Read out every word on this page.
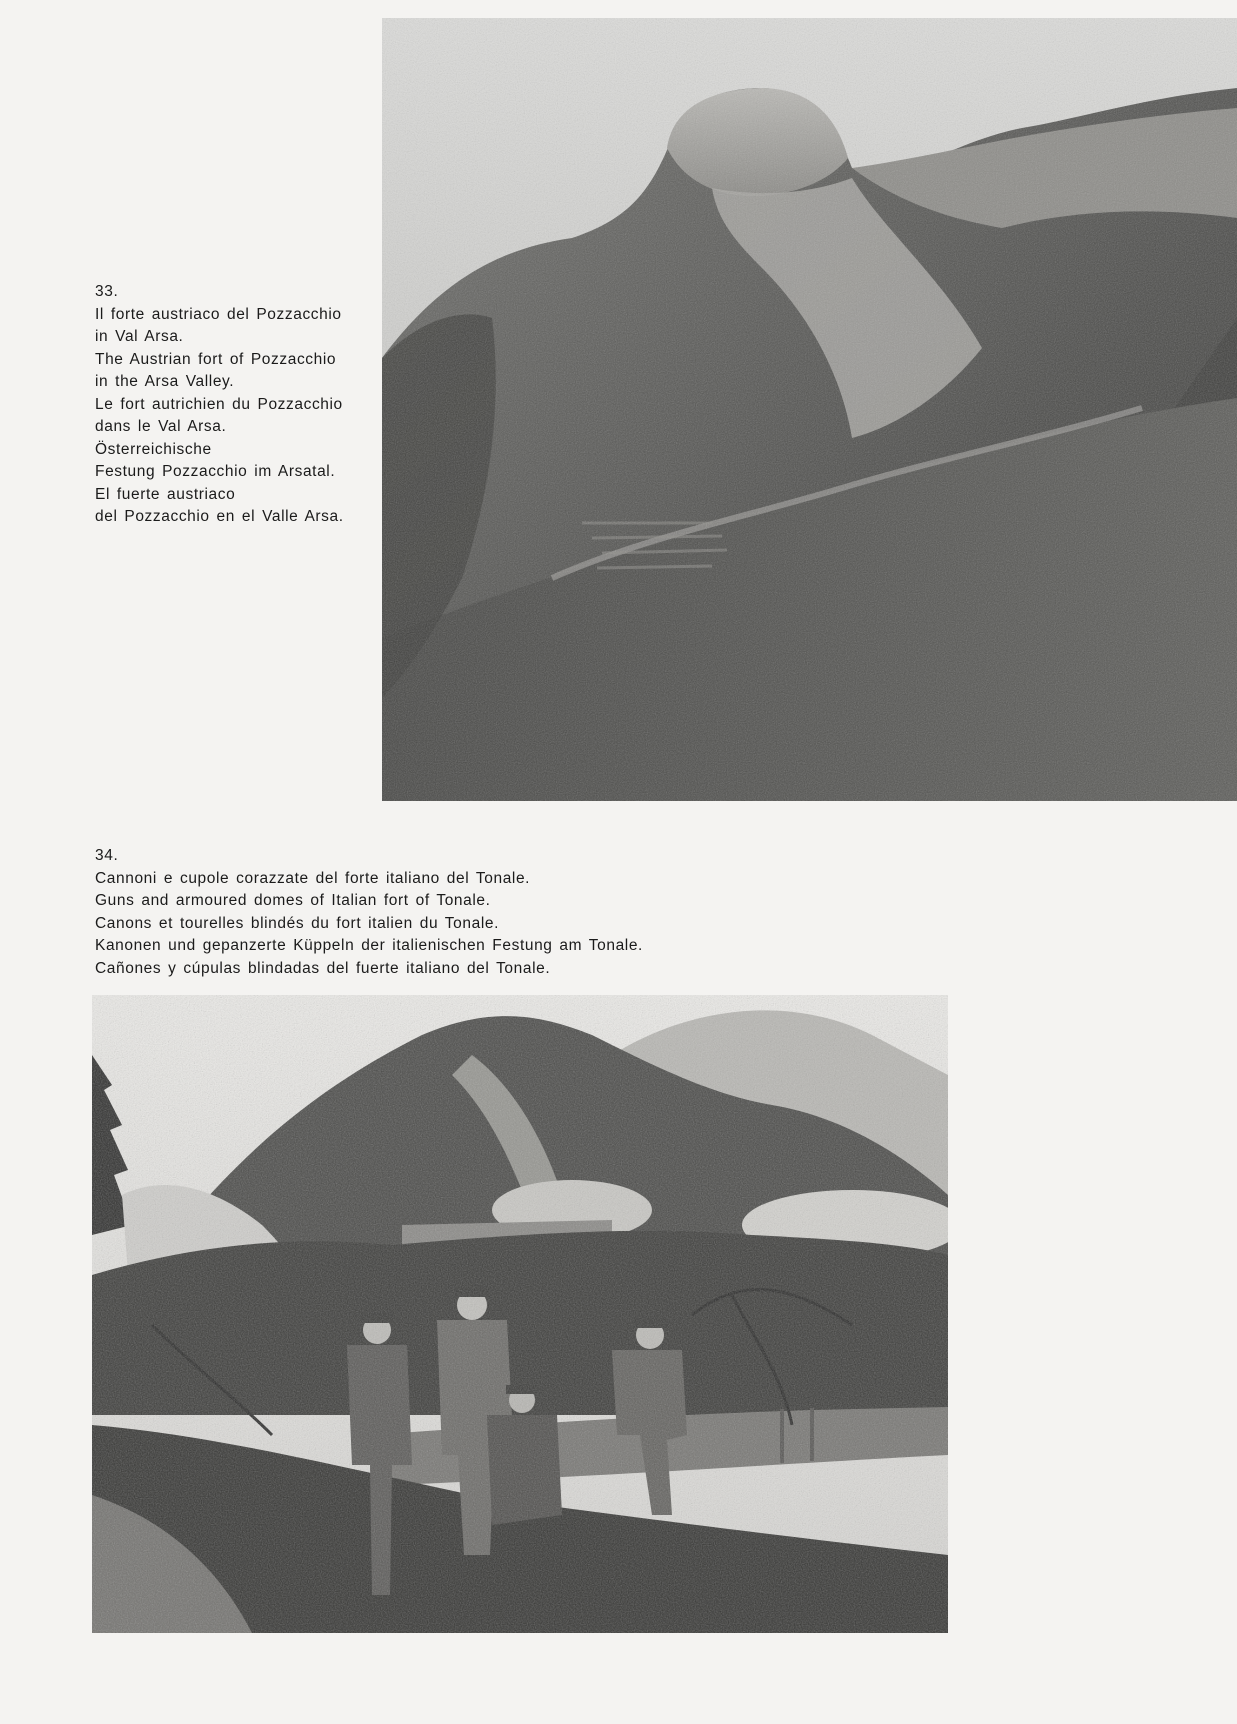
33.
Il forte austriaco del Pozzacchio
in Val Arsa.
The Austrian fort of Pozzacchio
in the Arsa Valley.
Le fort autrichien du Pozzacchio
dans le Val Arsa.
Österreichische
Festung Pozzacchio im Arsatal.
El fuerte austriaco
del Pozzacchio en el Valle Arsa.
34.
Cannoni e cupole corazzate del forte italiano del Tonale.
Guns and armoured domes of Italian fort of Tonale.
Canons et tourelles blindés du fort italien du Tonale.
Kanonen und gepanzerte Küppeln der italienischen Festung am Tonale.
Cañones y cúpulas blindadas del fuerte italiano del Tonale.
